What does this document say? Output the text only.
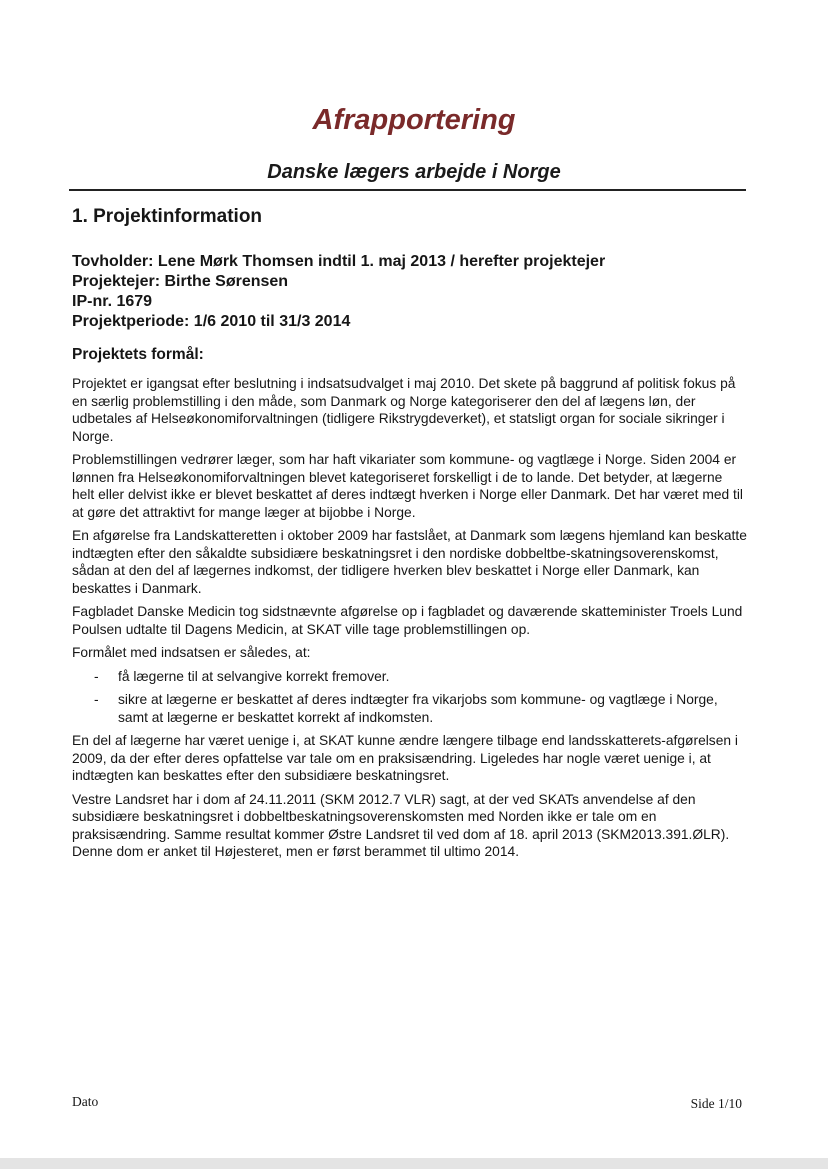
Afrapportering
Danske lægers arbejde i Norge
1. Projektinformation

Tovholder: Lene Mørk Thomsen indtil 1. maj 2013 / herefter projektejer

Projektejer: Birthe Sørensen

IP-nr. 1679

Projektperiode: 1/6 2010 til 31/3 2014

Projektets formål:

Projektet er igangsat efter beslutning i indsatsudvalget i maj 2010. Det skete på baggrund af politisk fokus på en særlig problemstilling i den måde, som Danmark og Norge kategoriserer den del af lægens løn, der udbetales af Helseøkonomiforvaltningen (tidligere Rikstrygdeverket), et statsligt organ for sociale sikringer i Norge.

Problemstillingen vedrører læger, som har haft vikariater som kommune- og vagtlæge i Norge. Siden 2004 er lønnen fra Helseøkonomiforvaltningen blevet kategoriseret forskelligt i de to lande. Det betyder, at lægerne helt eller delvist ikke er blevet beskattet af deres indtægt hverken i Norge eller Danmark. Det har været med til at gøre det attraktivt for mange læger at bijobbe i Norge.

En afgørelse fra Landskatteretten i oktober 2009 har fastslået, at Danmark som lægens hjemland kan beskatte indtægten efter den såkaldte subsidiære beskatningsret i den nordiske dobbeltbe-skatningsoverenskomst, sådan at den del af lægernes indkomst, der tidligere hverken blev beskattet i Norge eller Danmark, kan beskattes i Danmark.

Fagbladet Danske Medicin tog sidstnævnte afgørelse op i fagbladet og daværende skatteminister Troels Lund Poulsen udtalte til Dagens Medicin, at SKAT ville tage problemstillingen op.

Formålet med indsatsen er således, at:

- få lægerne til at selvangive korrekt fremover.
- sikre at lægerne er beskattet af deres indtægter fra vikarjobs som kommune- og vagtlæge i Norge, samt at lægerne er beskattet korrekt af indkomsten.

En del af lægerne har været uenige i, at SKAT kunne ændre længere tilbage end landsskatterets-afgørelsen i 2009, da der efter deres opfattelse var tale om en praksisændring. Ligeledes har nogle været uenige i, at indtægten kan beskattes efter den subsidiære beskatningsret.

Vestre Landsret har i dom af 24.11.2011 (SKM 2012.7 VLR) sagt, at der ved SKATs anvendelse af den subsidiære beskatningsret i dobbeltbeskatningsoverenskomsten med Norden ikke er tale om en praksisændring. Samme resultat kommer Østre Landsret til ved dom af 18. april 2013 (SKM2013.391.ØLR). Denne dom er anket til Højesteret, men er først berammet til ultimo 2014.

Dato	Side 1/10
